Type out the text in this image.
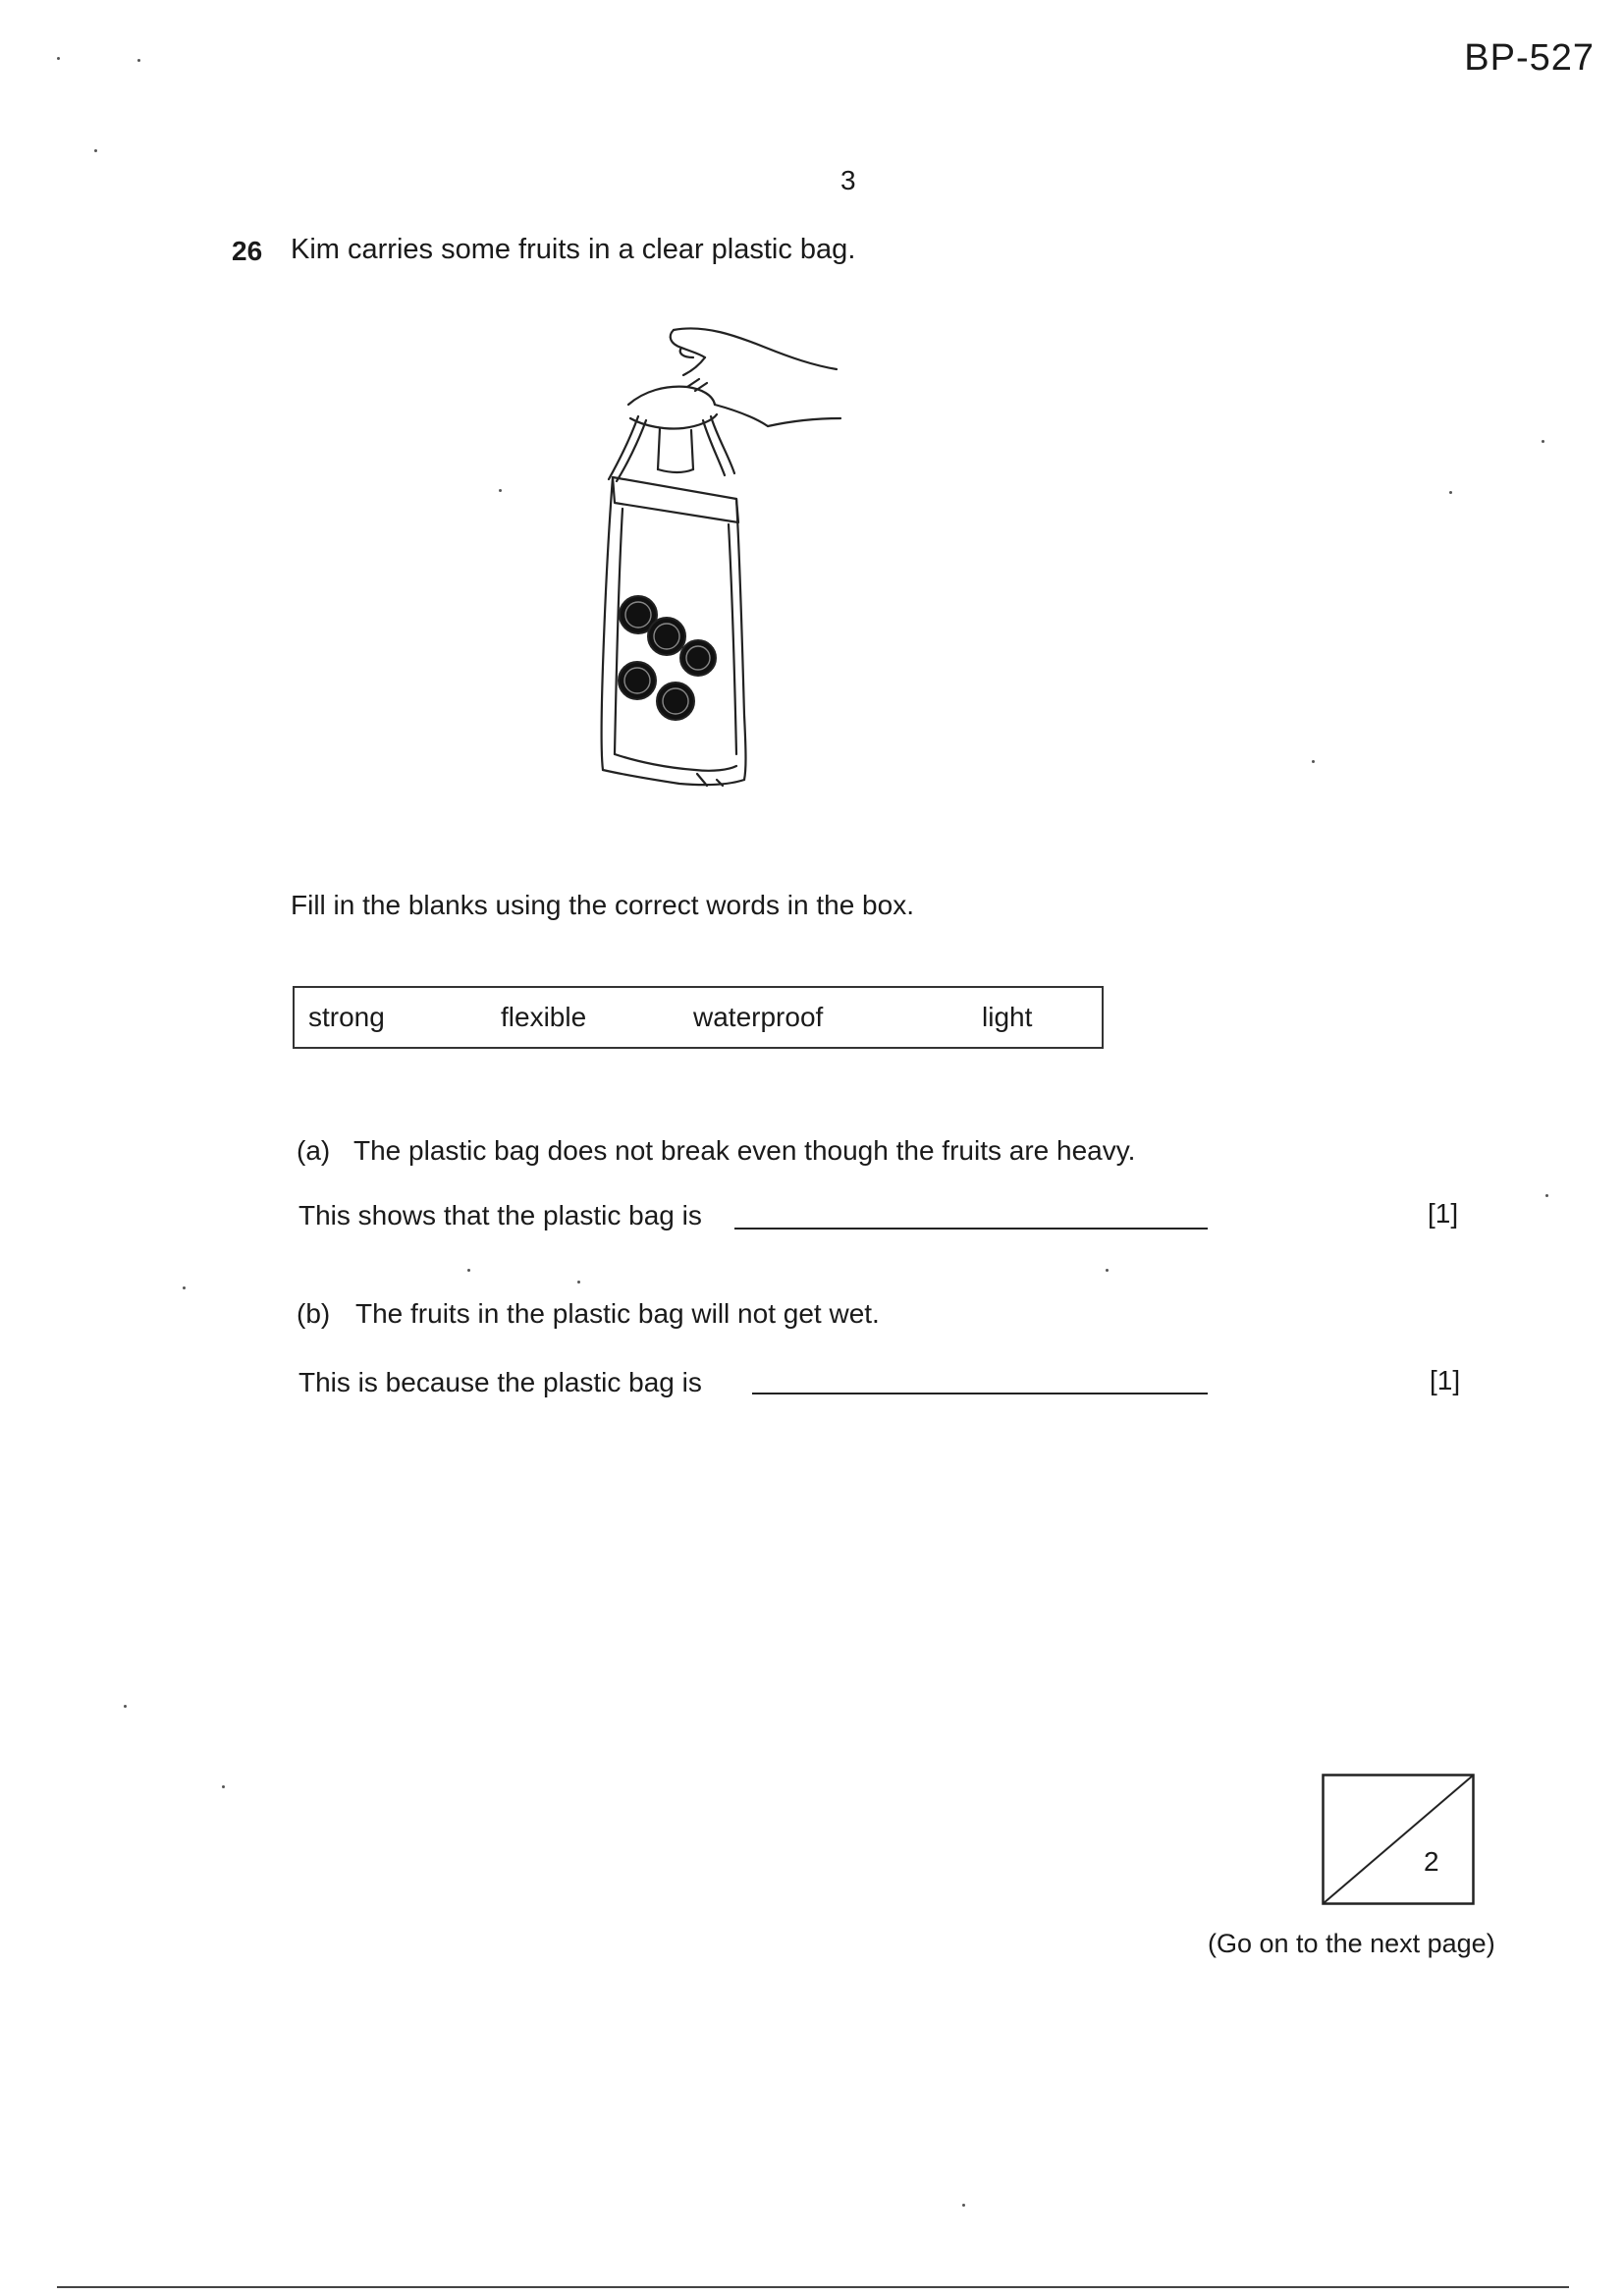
BP-527
3
26 Kim carries some fruits in a clear plastic bag.
Fill in the blanks using the correct words in the box.
strong	flexible	waterproof	light
(a) The plastic bag does not break even though the fruits are heavy.
This shows that the plastic bag is	[1]
(b) The fruits in the plastic bag will not get wet.
This is because the plastic bag is	[1]
2
(Go on to the next page)
